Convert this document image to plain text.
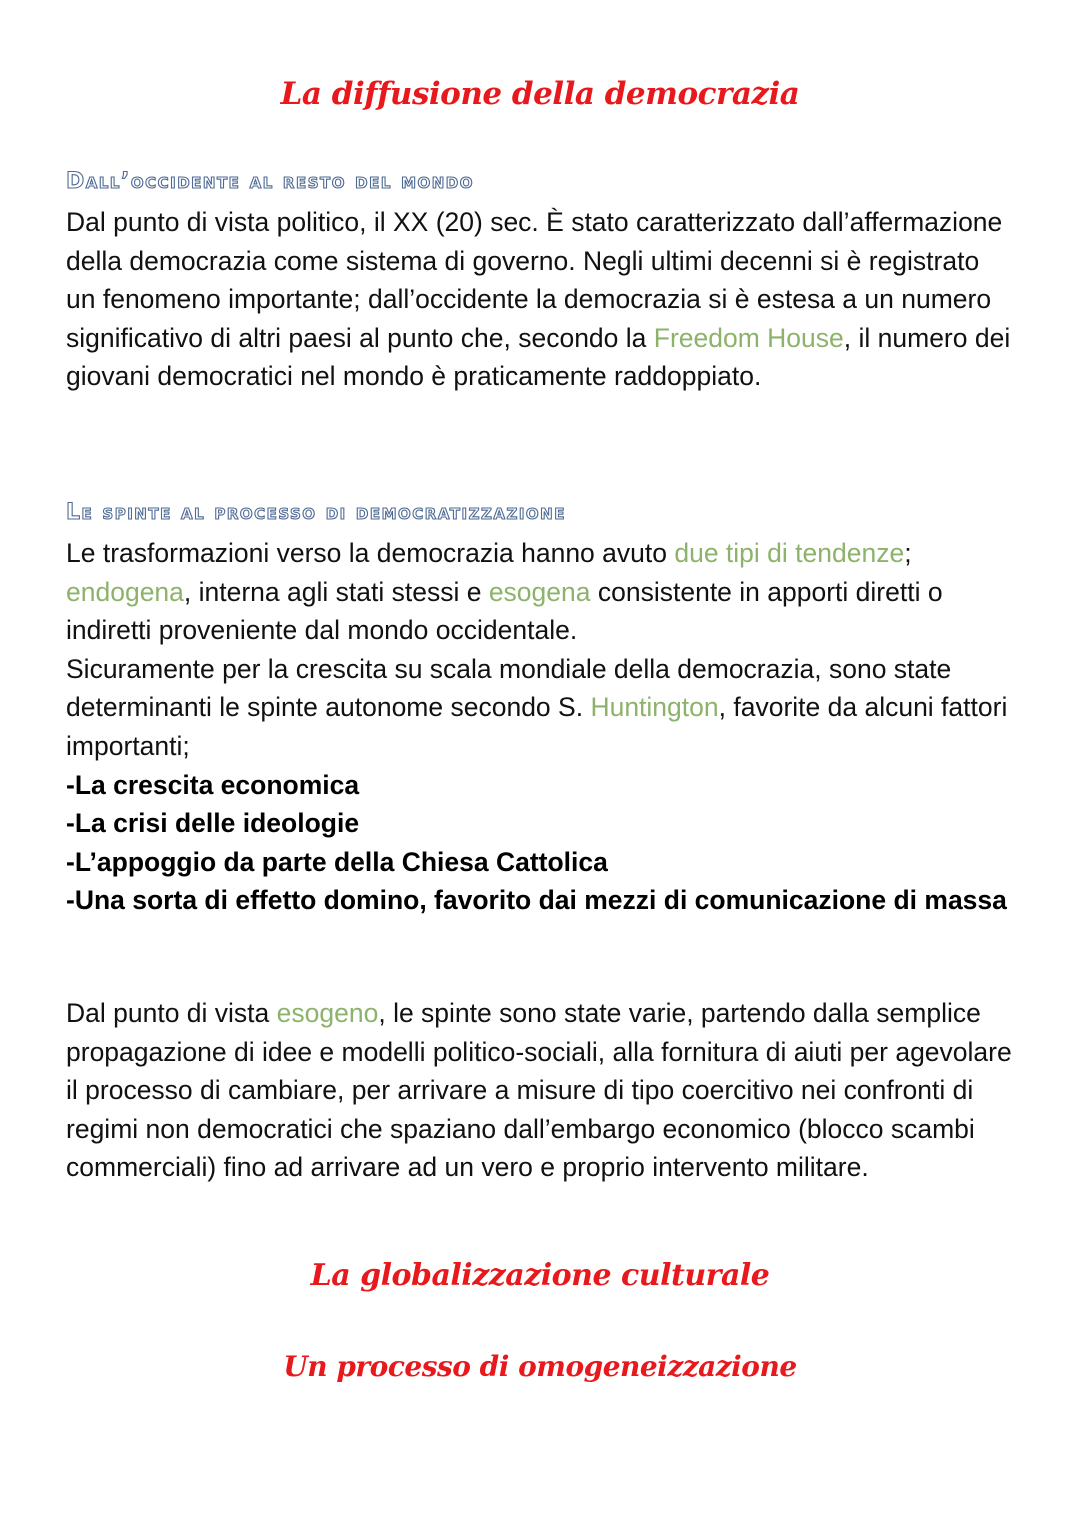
La diffusione della democrazia
Dall’occidente al resto del mondo
Dal punto di vista politico, il XX (20) sec. È stato caratterizzato dall’affermazione della democrazia come sistema di governo. Negli ultimi decenni si è registrato un fenomeno importante; dall’occidente la democrazia si è estesa a un numero significativo di altri paesi al punto che, secondo la Freedom House, il numero dei giovani democratici nel mondo è praticamente raddoppiato.
Le spinte al processo di democratizzazione
Le trasformazioni verso la democrazia hanno avuto due tipi di tendenze; endogena, interna agli stati stessi e esogena consistente in apporti diretti o indiretti proveniente dal mondo occidentale.
Sicuramente per la crescita su scala mondiale della democrazia, sono state determinanti le spinte autonome secondo S. Huntington, favorite da alcuni fattori importanti;
-La crescita economica
-La crisi delle ideologie
-L’appoggio da parte della Chiesa Cattolica
-Una sorta di effetto domino, favorito dai mezzi di comunicazione di massa
Dal punto di vista esogeno, le spinte sono state varie, partendo dalla semplice propagazione di idee e modelli politico-sociali, alla fornitura di aiuti per agevolare il processo di cambiare, per arrivare a misure di tipo coercitivo nei confronti di regimi non democratici che spaziano dall’embargo economico (blocco scambi commerciali) fino ad arrivare ad un vero e proprio intervento militare.
La globalizzazione culturale
Un processo di omogeneizzazione
